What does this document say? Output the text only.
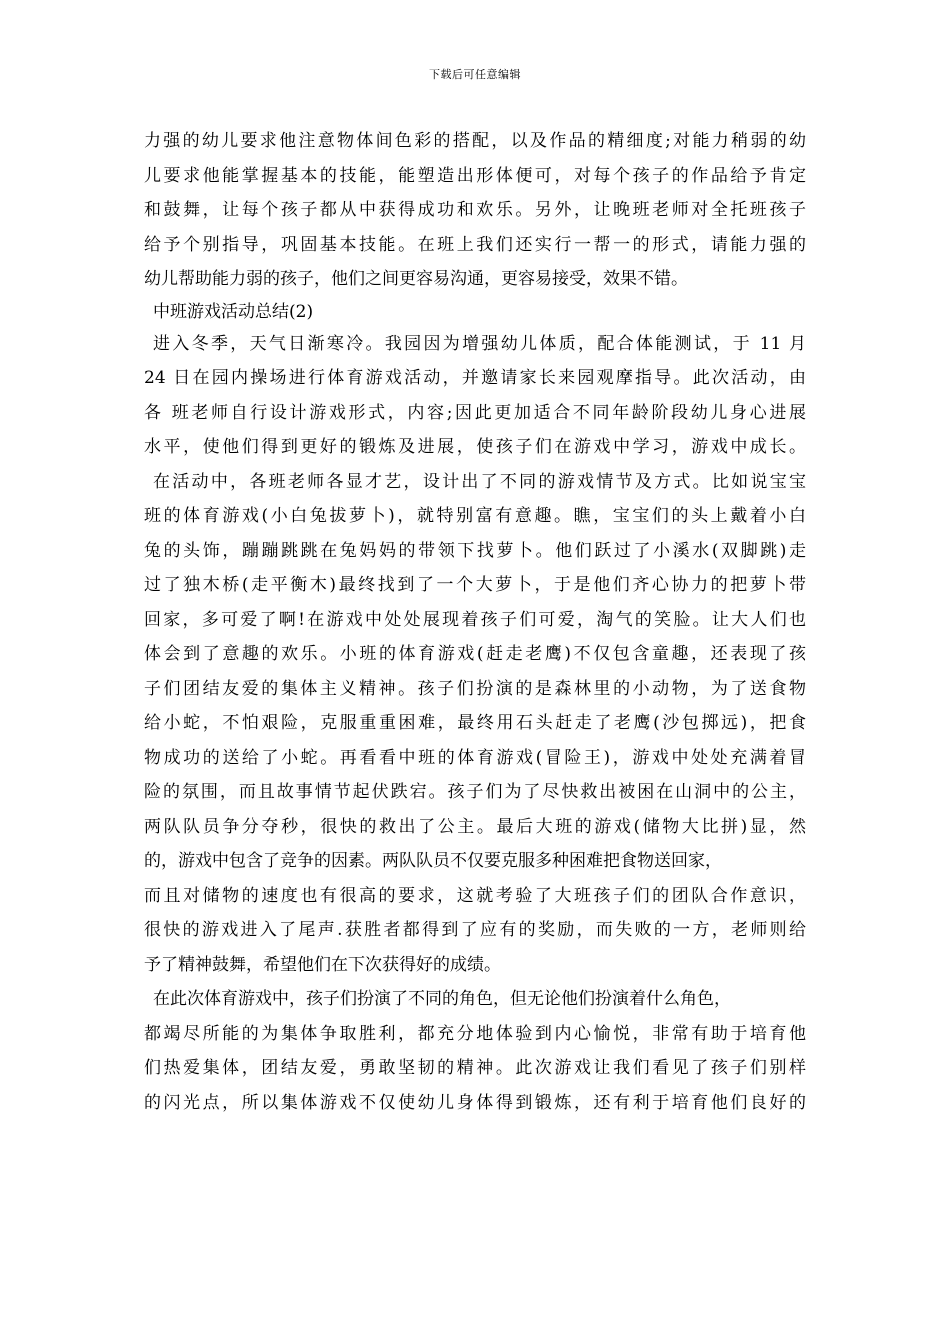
下载后可任意编辑
力强的幼儿要求他注意物体间色彩的搭配，以及作品的精细度;对能力稍弱的幼
儿要求他能掌握基本的技能，能塑造出形体便可，对每个孩子的作品给予肯定
和鼓舞，让每个孩子都从中获得成功和欢乐。另外，让晚班老师对全托班孩子
给予个别指导，巩固基本技能。在班上我们还实行一帮一的形式，请能力强的
幼儿帮助能力弱的孩子，他们之间更容易沟通，更容易接受，效果不错。
中班游戏活动总结(2)
进入冬季，天气日渐寒冷。我园因为增强幼儿体质，配合体能测试，于 11 月
24 日在园内操场进行体育游戏活动，并邀请家长来园观摩指导。此次活动，由
各 班老师自行设计游戏形式，内容;因此更加适合不同年龄阶段幼儿身心进展
水平，使他们得到更好的锻炼及进展，使孩子们在游戏中学习，游戏中成长。
在活动中，各班老师各显才艺，设计出了不同的游戏情节及方式。比如说宝宝
班的体育游戏(小白兔拔萝卜)，就特别富有意趣。瞧，宝宝们的头上戴着小白
兔的头饰，蹦蹦跳跳在兔妈妈的带领下找萝卜。他们跃过了小溪水(双脚跳)走
过了独木桥(走平衡木)最终找到了一个大萝卜，于是他们齐心协力的把萝卜带
回家，多可爱了啊!在游戏中处处展现着孩子们可爱，淘气的笑脸。让大人们也
体会到了意趣的欢乐。小班的体育游戏(赶走老鹰)不仅包含童趣，还表现了孩
子们团结友爱的集体主义精神。孩子们扮演的是森林里的小动物，为了送食物
给小蛇，不怕艰险，克服重重困难，最终用石头赶走了老鹰(沙包掷远)，把食
物成功的送给了小蛇。再看看中班的体育游戏(冒险王)，游戏中处处充满着冒
险的氛围，而且故事情节起伏跌宕。孩子们为了尽快救出被困在山洞中的公主，
两队队员争分夺秒，很快的救出了公主。最后大班的游戏(储物大比拼)显，然
的，游戏中包含了竞争的因素。两队队员不仅要克服多种困难把食物送回家，
而且对储物的速度也有很高的要求，这就考验了大班孩子们的团队合作意识，
很快的游戏进入了尾声.获胜者都得到了应有的奖励，而失败的一方，老师则给
予了精神鼓舞，希望他们在下次获得好的成绩。
在此次体育游戏中，孩子们扮演了不同的角色，但无论他们扮演着什么角色，
都竭尽所能的为集体争取胜利，都充分地体验到内心愉悦，非常有助于培育他
们热爱集体，团结友爱，勇敢坚韧的精神。此次游戏让我们看见了孩子们别样
的闪光点，所以集体游戏不仅使幼儿身体得到锻炼，还有利于培育他们良好的
